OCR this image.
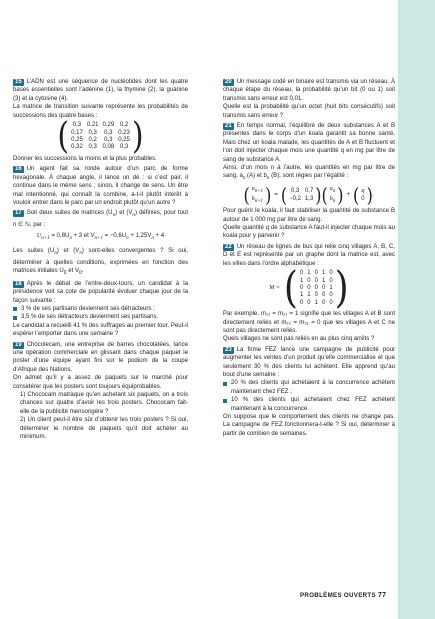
15 L’ADN est une séquence de nucléotides dont les quatre bases essentielles sont l’adénine (1), la thymine (2), la guanine (3) et la cytosine (4).

La matrice de transition suivante représente les probabilités de successions des quatre bases :

( 0,3	0,21	0,29	0,2
0,17	0,3	0,3	0,23
0,25	0,2	0,3	0,25
0,32	0,3	0,08	0,3 )

Donner les successions la moins et la plus probables.

16 Un agent fait sa ronde autour d’un parc de forme hexagonale. À chaque angle, il lance un dé : si c’est pair, il continue dans le même sens ; sinon, il change de sens. Un être mal intentionné, qui connaît la combine, a-t-il plutôt intérêt à vouloir entrer dans le parc par un endroit plutôt qu’un autre ?

17 Soit deux suites de matrices $(U_n)$ et $(V_n)$ définies, pour tout n ∈ ℕ, par :

$U_{n+1} = 0,8U_n + 3$ et $V_{n+1} = -0,6U_n + 1,25V_n + 4$

Les suites $(U_n)$ et $(V_n)$ sont-elles convergentes ? Si oui, déterminer à quelles conditions, exprimées en fonction des matrices initiales $U_0$ et $V_0$.

18 Après le débat de l’entre-deux-tours, un candidat à la présidence voit sa cote de popularité évoluer chaque jour de la façon suivante :

3 % de ses partisans deviennent ses détracteurs ;

3,5 % de ses détracteurs deviennent ses partisans.

Le candidat a recueilli 41 % des suffrages au premier tour. Peut-il espérer l’emporter dans une semaine ?

19 Chocolecam, une entreprise de barres chocolatées, lance une opération commerciale en glissant dans chaque paquet le poster d’une équipe ayant fini sur le podium de la coupe d’Afrique des Nations.

On admet qu’il y a assez de paquets sur le marché pour considérer que les posters sont toujours équiprobables.

1) Chococam matraque qu’en achetant six paquets, on a trois chances sur quatre d’avoir les trois posters. Chococam fait-elle de la publicité mensongère ?

2) Un client peut-il être sûr d’obtenir les trois posters ? Si oui, déterminer le nombre de paquets qu’il doit acheter au minimum.

20 Un message codé en binaire est transmis via un réseau. À chaque étape du réseau, la probabilité qu’un bit (0 ou 1) soit transmis sans erreur est 0,01.

Quelle est la probabilité qu’un octet (huit bits consécutifs) soit transmis sans erreur ?

21 En temps normal, l’équilibre de deux substances A et B présentes dans le corps d’un koala garantit sa bonne santé. Mais chez un koala malade, les quantités de A et B fluctuent et l’on doit injecter chaque mois une quantité q en mg par litre de sang de substance A.

Ainsi, d’un mois n à l’autre, les quantités en mg par litre de sang, $a_n$ (A) et $b_n$ (B), sont régies par l’égalité :

( $a_{n+1}$
$b_{n+1}$ ) = ( 0,3	0,7
−0,2	1,3 ) ( $a_n$
$b_n$ ) + ( q
0 ) .

Pour guérir le koala, il faut stabiliser la quantité de substance B autour de 1 000 mg par litre de sang.

Quelle quantité q de substance A faut-il injecter chaque mois au koala pour y parvenir ?

22 Un réseau de lignes de bus qui relie cinq villages A, B, C, D et E est représenté par un graphe dont la matrice est, avec les villes dans l’ordre alphabétique :

M = ( 0	1	0	1	0
1	0	0	1	0
0	0	0	0	1
1	1	0	0	0
0	0	1	0	0 )

Par exemple, m₁₂ = m₂₁ = 1 signifie que les villages A et B sont directement reliés et m₁₃ = m₃₁ = 0 que les villages A et C ne sont pas directement reliés.

Quels villages ne sont pas reliés en au plus cinq arrêts ?

23 La firme FEZ lance une campagne de publicité pour augmenter les ventes d’un produit qu’elle commercialise et que seulement 30 % des clients lui achètent. Elle apprend qu’au bout d’une semaine :

20 % des clients qui achetaient à la concurrence achètent maintenant chez FEZ ;

10 % des clients qui achetaient chez FEZ achètent maintenant à la concurrence.

On suppose que le comportement des clients ne change pas. La campagne de FEZ fonctionnera-t-elle ? Si oui, déterminer à partir de combien de semaines.

PROBLÈMES OUVERTS 77
